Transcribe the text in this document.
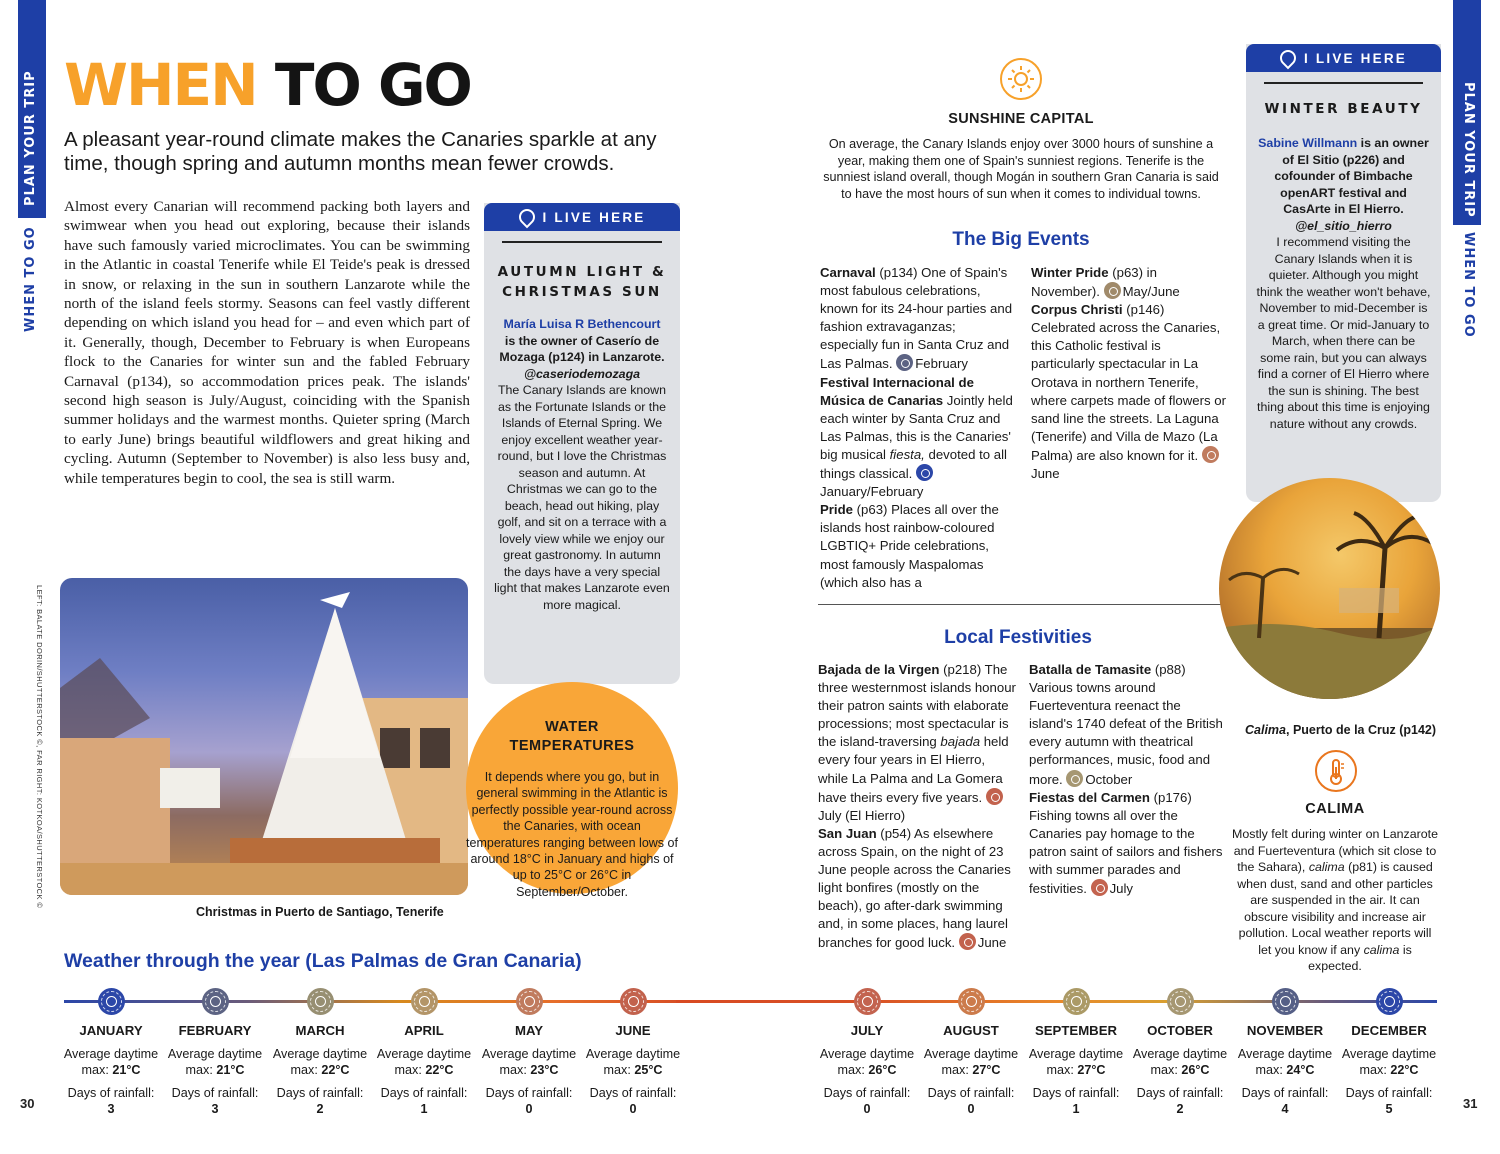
PLAN YOUR TRIP
WHEN TO GO
PLAN YOUR TRIP
WHEN TO GO
30	31
WHEN TO GO
A pleasant year-round climate makes the Canaries sparkle at any time, though spring and autumn months mean fewer crowds.
Almost every Canarian will recommend packing both layers and swimwear when you head out exploring, because their islands have such famously varied microclimates. You can be swimming in the Atlantic in coastal Tenerife while El Teide's peak is dressed in snow, or relaxing in the sun in southern Lanzarote while the north of the island feels stormy. Seasons can feel vastly different depending on which island you head for – and even which part of it. Generally, though, December to February is when Europeans flock to the Canaries for winter sun and the fabled February Carnaval (p134), so accommodation prices peak. The islands' second high season is July/August, coinciding with the Spanish summer holidays and the warmest months. Quieter spring (March to early June) brings beautiful wildflowers and great hiking and cycling. Autumn (September to November) is also less busy and, while temperatures begin to cool, the sea is still warm.
I LIVE HERE
AUTUMN LIGHT &
CHRISTMAS SUN
María Luisa R Bethencourt
is the owner of Caserío de Mozaga (p124) in Lanzarote.
@caseriodemozaga
The Canary Islands are known as the Fortunate Islands or the Islands of Eternal Spring. We enjoy excellent weather year-round, but I love the Christmas season and autumn. At Christmas we can go to the beach, head out hiking, play golf, and sit on a terrace with a lovely view while we enjoy our great gastronomy. In autumn the days have a very special light that makes Lanzarote even more magical.
Christmas in Puerto de Santiago, Tenerife
LEFT: BALATE DORIN/SHUTTERSTOCK ©, FAR RIGHT: KOTKOA/SHUTTERSTOCK ©	WATER
TEMPERATURES
It depends where you go, but in general swimming in the Atlantic is perfectly possible year-round across the Canaries, with ocean temperatures ranging between lows of around 18°C in January and highs of up to 25°C or 26°C in September/October.
SUNSHINE CAPITAL
On average, the Canary Islands enjoy over 3000 hours of sunshine a year, making them one of Spain's sunniest regions. Tenerife is the sunniest island overall, though Mogán in southern Gran Canaria is said to have the most hours of sun when it comes to individual towns.
The Big Events
Carnaval (p134) One of Spain's most fabulous celebrations, known for its 24-hour parties and fashion extravaganzas; especially fun in Santa Cruz and Las Palmas. February
Festival Internacional de Música de Canarias Jointly held each winter by Santa Cruz and Las Palmas, this is the Canaries' big musical fiesta, devoted to all things classical. January/February
Pride (p63) Places all over the islands host rainbow-coloured LGBTIQ+ Pride celebrations, most famously Maspalomas (which also has a
Winter Pride (p63) in November). May/June
Corpus Christi (p146) Celebrated across the Canaries, this Catholic festival is particularly spectacular in La Orotava in northern Tenerife, where carpets made of flowers or sand line the streets. La Laguna (Tenerife) and Villa de Mazo (La Palma) are also known for it. June
Local Festivities
Bajada de la Virgen (p218) The three westernmost islands honour their patron saints with elaborate processions; most spectacular is the island-traversing bajada held every four years in El Hierro, while La Palma and La Gomera have theirs every five years. July (El Hierro)
San Juan (p54) As elsewhere across Spain, on the night of 23 June people across the Canaries light bonfires (mostly on the beach), go after-dark swimming and, in some places, hang laurel branches for good luck. June
Batalla de Tamasite (p88) Various towns around Fuerteventura reenact the island's 1740 defeat of the British every autumn with theatrical performances, music, food and more. October
Fiestas del Carmen (p176) Fishing towns all over the Canaries pay homage to the patron saint of sailors and fishers with summer parades and festivities. July
I LIVE HERE
WINTER BEAUTY
Sabine Willmann is an owner of El Sitio (p226) and cofounder of Bimbache openART festival and CasArte in El Hierro. @el_sitio_hierro
I recommend visiting the Canary Islands when it is quieter. Although you might think the weather won't behave, November to mid-December is a great time. Or mid-January to March, when there can be some rain, but you can always find a corner of El Hierro where the sun is shining. The best thing about this time is enjoying nature without any crowds.
Calima, Puerto de la Cruz (p142)
CALIMA
Mostly felt during winter on Lanzarote and Fuerteventura (which sit close to the Sahara), calima (p81) is caused when dust, sand and other particles are suspended in the air. It can obscure visibility and increase air pollution. Local weather reports will let you know if any calima is expected.
Weather through the year (Las Palmas de Gran Canaria)
JANUARY
Average daytime
max: 21°C
Days of rainfall:
3
FEBRUARY
Average daytime
max: 21°C
Days of rainfall:
3
MARCH
Average daytime
max: 22°C
Days of rainfall:
2
APRIL
Average daytime
max: 22°C
Days of rainfall:
1
MAY
Average daytime
max: 23°C
Days of rainfall:
0
JUNE
Average daytime
max: 25°C
Days of rainfall:
0
JULY
Average daytime
max: 26°C
Days of rainfall:
0
AUGUST
Average daytime
max: 27°C
Days of rainfall:
0
SEPTEMBER
Average daytime
max: 27°C
Days of rainfall:
1
OCTOBER
Average daytime
max: 26°C
Days of rainfall:
2
NOVEMBER
Average daytime
max: 24°C
Days of rainfall:
4
DECEMBER
Average daytime
max: 22°C
Days of rainfall:
5
